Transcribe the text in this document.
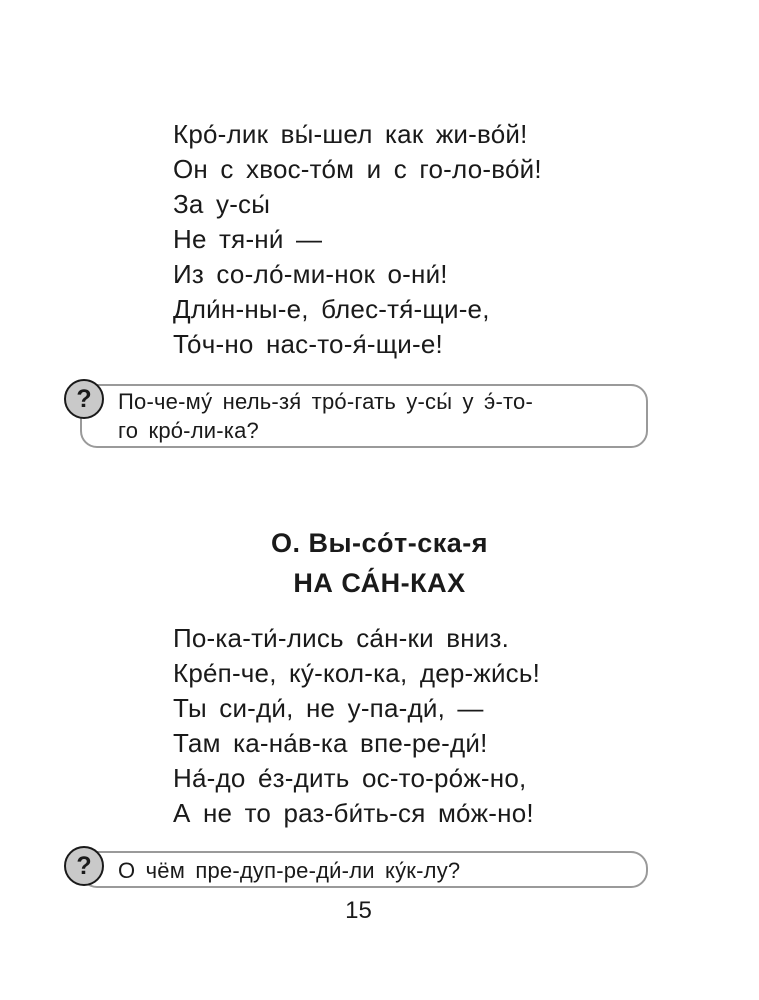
Кро́-лик вы́-шел как жи-во́й!
Он с хвос-то́м и с го-ло-во́й!
За у-сы́
Не тя-ни́ —
Из со-ло́-ми-нок о-ни́!
Дли́н-ны-е, блес-тя́-щи-е,
То́ч-но нас-то-я́-щи-е!
По-че-му́ нель-зя́ тро́-гать у-сы́ у э́-то-
го кро́-ли-ка?
?
О. Вы-со́т-ска-я
НА СА́Н-КАХ
По-ка-ти́-лись са́н-ки вниз.
Кре́п-че, ку́-кол-ка, дер-жи́сь!
Ты си-ди́, не у-па-ди́, —
Там ка-на́в-ка впе-ре-ди́!
На́-до е́з-дить ос-то-ро́ж-но,
А не то раз-би́ть-ся мо́ж-но!
О чём пре-дуп-ре-ди́-ли ку́к-лу?
?
15
